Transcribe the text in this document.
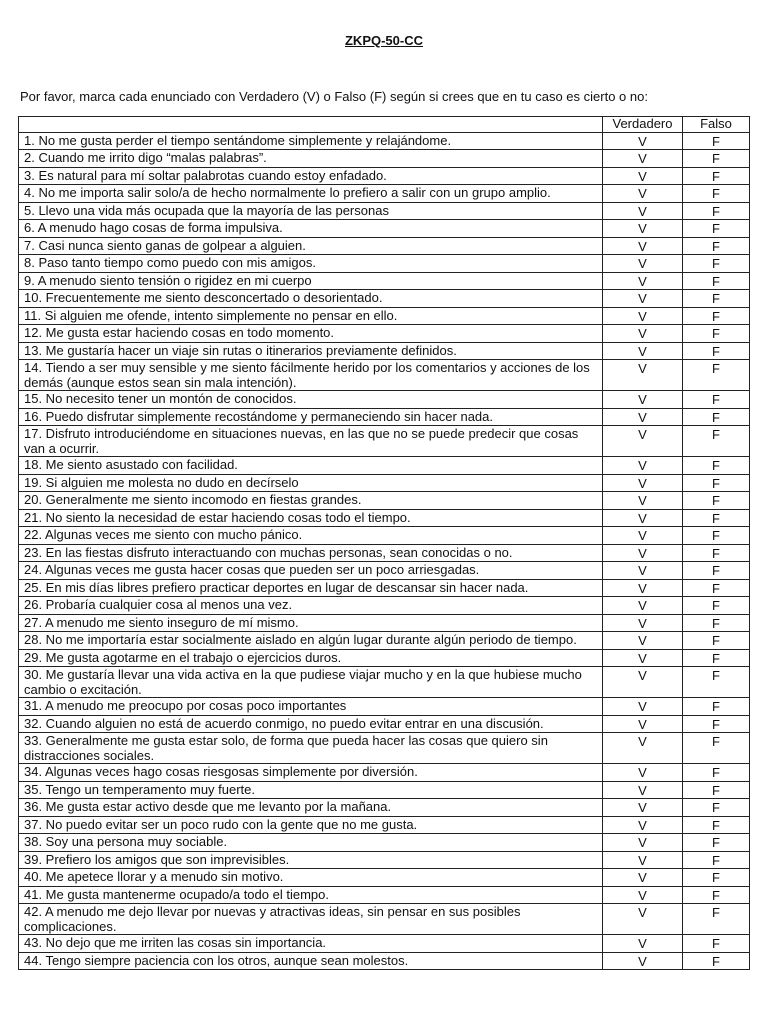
ZKPQ-50-CC

Por favor, marca cada enunciado con Verdadero (V) o Falso (F) según si crees que en tu caso es cierto o no:

	Verdadero	Falso
1. No me gusta perder el tiempo sentándome simplemente y relajándome.	V	F
2. Cuando me irrito digo “malas palabras”.	V	F
3. Es natural para mí soltar palabrotas cuando estoy enfadado.	V	F
4. No me importa salir solo/a de hecho normalmente lo prefiero a salir con un grupo amplio.	V	F
5. Llevo una vida más ocupada que la mayoría de las personas	V	F
6. A menudo hago cosas de forma impulsiva.	V	F
7. Casi nunca siento ganas de golpear a alguien.	V	F
8. Paso tanto tiempo como puedo con mis amigos.	V	F
9. A menudo siento tensión o rigidez en mi cuerpo	V	F
10. Frecuentemente me siento desconcertado o desorientado.	V	F
11. Si alguien me ofende, intento simplemente no pensar en ello.	V	F
12. Me gusta estar haciendo cosas en todo momento.	V	F
13. Me gustaría hacer un viaje sin rutas o itinerarios previamente definidos.	V	F
14. Tiendo a ser muy sensible y me siento fácilmente herido por los comentarios y acciones de los demás (aunque estos sean sin mala intención).	V	F
15. No necesito tener un montón de conocidos.	V	F
16. Puedo disfrutar simplemente recostándome y permaneciendo sin hacer nada.	V	F
17. Disfruto introduciéndome en situaciones nuevas, en las que no se puede predecir que cosas van a ocurrir.	V	F
18. Me siento asustado con facilidad.	V	F
19. Si alguien me molesta no dudo en decírselo	V	F
20. Generalmente me siento incomodo en fiestas grandes.	V	F
21. No siento la necesidad de estar haciendo cosas todo el tiempo.	V	F
22. Algunas veces me siento con mucho pánico.	V	F
23. En las fiestas disfruto interactuando con muchas personas, sean conocidas o no.	V	F
24. Algunas veces me gusta hacer cosas que pueden ser un poco arriesgadas.	V	F
25. En mis días libres prefiero practicar deportes en lugar de descansar sin hacer nada.	V	F
26. Probaría cualquier cosa al menos una vez.	V	F
27. A menudo me siento inseguro de mí mismo.	V	F
28. No me importaría estar socialmente aislado en algún lugar durante algún periodo de tiempo.	V	F
29. Me gusta agotarme en el trabajo o ejercicios duros.	V	F
30. Me gustaría llevar una vida activa en la que pudiese viajar mucho y en la que hubiese mucho cambio o excitación.	V	F
31. A menudo me preocupo por cosas poco importantes	V	F
32. Cuando alguien no está de acuerdo conmigo, no puedo evitar entrar en una discusión.	V	F
33. Generalmente me gusta estar solo, de forma que pueda hacer las cosas que quiero sin distracciones sociales.	V	F
34. Algunas veces hago cosas riesgosas simplemente por diversión.	V	F
35. Tengo un temperamento muy fuerte.	V	F
36. Me gusta estar activo desde que me levanto por la mañana.	V	F
37. No puedo evitar ser un poco rudo con la gente que no me gusta.	V	F
38. Soy una persona muy sociable.	V	F
39. Prefiero los amigos que son imprevisibles.	V	F
40. Me apetece llorar y a menudo sin motivo.	V	F
41. Me gusta mantenerme ocupado/a todo el tiempo.	V	F
42. A menudo me dejo llevar por nuevas y atractivas ideas, sin pensar en sus posibles complicaciones.	V	F
43. No dejo que me irriten las cosas sin importancia.	V	F
44. Tengo siempre paciencia con los otros, aunque sean molestos.	V	F
